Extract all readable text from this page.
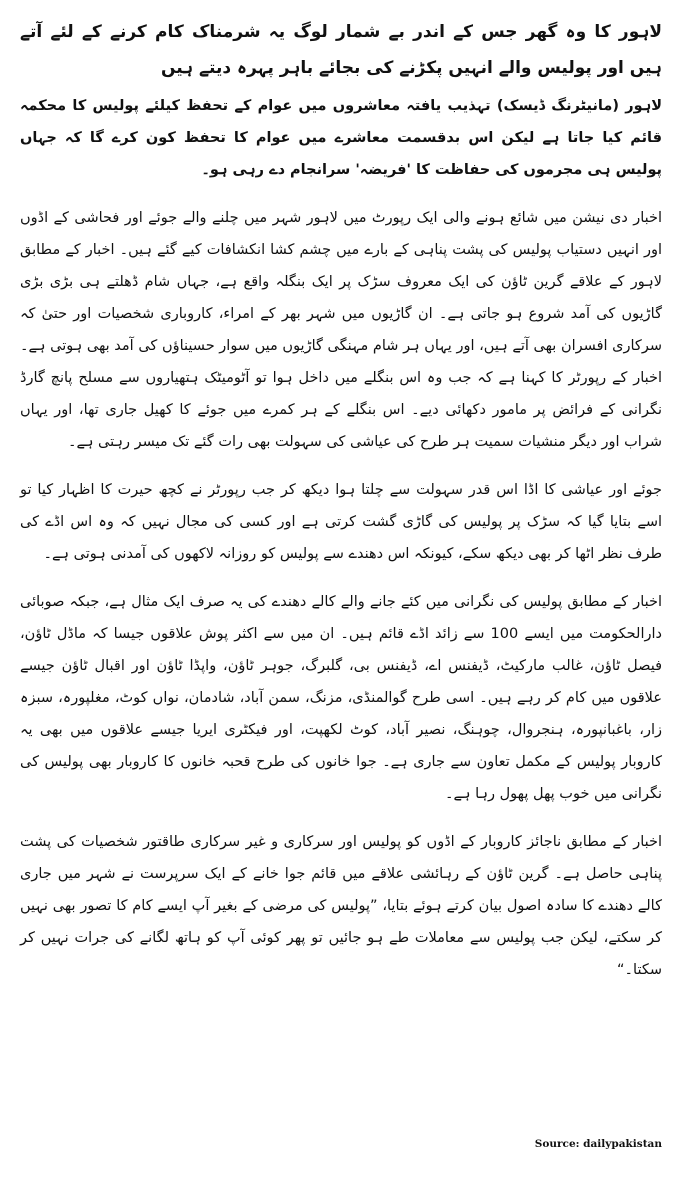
لاہور کا وہ گھر جس کے اندر بے شمار لوگ یہ شرمناک کام کرنے کے لئے آتے ہیں اور پولیس والے انہیں پکڑنے کی بجائے باہر پہرہ دیتے ہیں

لاہور (مانیٹرنگ ڈیسک) تہذیب یافتہ معاشروں میں عوام کے تحفظ کیلئے پولیس کا محکمہ قائم کیا جاتا ہے لیکن اس بدقسمت معاشرے میں عوام کا تحفظ کون کرے گا کہ جہاں پولیس ہی مجرموں کی حفاظت کا 'فریضہ' سرانجام دے رہی ہو۔

اخبار دی نیشن میں شائع ہونے والی ایک رپورٹ میں لاہور شہر میں چلنے والے جوئے اور فحاشی کے اڈوں اور انہیں دستیاب پولیس کی پشت پناہی کے بارے میں چشم کشا انکشافات کیے گئے ہیں۔ اخبار کے مطابق لاہور کے علاقے گرین ٹاؤن کی ایک معروف سڑک پر ایک بنگلہ واقع ہے، جہاں شام ڈھلتے ہی بڑی بڑی گاڑیوں کی آمد شروع ہو جاتی ہے۔ ان گاڑیوں میں شہر بھر کے امراء، کاروباری شخصیات اور حتیٰ کہ سرکاری افسران بھی آتے ہیں، اور یہاں ہر شام مہنگی گاڑیوں میں سوار حسیناؤں کی آمد بھی ہوتی ہے۔ اخبار کے رپورٹر کا کہنا ہے کہ جب وہ اس بنگلے میں داخل ہوا تو آٹومیٹک ہتھیاروں سے مسلح پانچ گارڈ نگرانی کے فرائض پر مامور دکھائی دیے۔ اس بنگلے کے ہر کمرے میں جوئے کا کھیل جاری تھا، اور یہاں شراب اور دیگر منشیات سمیت ہر طرح کی عیاشی کی سہولت بھی رات گئے تک میسر رہتی ہے۔

جوئے اور عیاشی کا اڈا اس قدر سہولت سے چلتا ہوا دیکھ کر جب رپورٹر نے کچھ حیرت کا اظہار کیا تو اسے بتایا گیا کہ سڑک پر پولیس کی گاڑی گشت کرتی ہے اور کسی کی مجال نہیں کہ وہ اس اڈے کی طرف نظر اٹھا کر بھی دیکھ سکے، کیونکہ اس دھندے سے پولیس کو روزانہ لاکھوں کی آمدنی ہوتی ہے۔

اخبار کے مطابق پولیس کی نگرانی میں کئے جانے والے کالے دھندے کی یہ صرف ایک مثال ہے، جبکہ صوبائی دارالحکومت میں ایسے 100 سے زائد اڈے قائم ہیں۔ ان میں سے اکثر پوش علاقوں جیسا کہ ماڈل ٹاؤن، فیصل ٹاؤن، غالب مارکیٹ، ڈیفنس اے، ڈیفنس بی، گلبرگ، جوہر ٹاؤن، واپڈا ٹاؤن اور اقبال ٹاؤن جیسے علاقوں میں کام کر رہے ہیں۔ اسی طرح گوالمنڈی، مزنگ، سمن آباد، شادمان، نواں کوٹ، مغلپورہ، سبزہ زار، باغبانپورہ، ہنجروال، چوہنگ، نصیر آباد، کوٹ لکھپت، اور فیکٹری ایریا جیسے علاقوں میں بھی یہ کاروبار پولیس کے مکمل تعاون سے جاری ہے۔ جوا خانوں کی طرح قحبہ خانوں کا کاروبار بھی پولیس کی نگرانی میں خوب پھل پھول رہا ہے۔

اخبار کے مطابق ناجائز کاروبار کے اڈوں کو پولیس اور سرکاری و غیر سرکاری طاقتور شخصیات کی پشت پناہی حاصل ہے۔ گرین ٹاؤن کے رہائشی علاقے میں قائم جوا خانے کے ایک سرپرست نے شہر میں جاری کالے دھندے کا سادہ اصول بیان کرتے ہوئے بتایا، ”پولیس کی مرضی کے بغیر آپ ایسے کام کا تصور بھی نہیں کر سکتے، لیکن جب پولیس سے معاملات طے ہو جائیں تو پھر کوئی آپ کو ہاتھ لگانے کی جرات نہیں کر سکتا۔“

Source: dailypakistan
